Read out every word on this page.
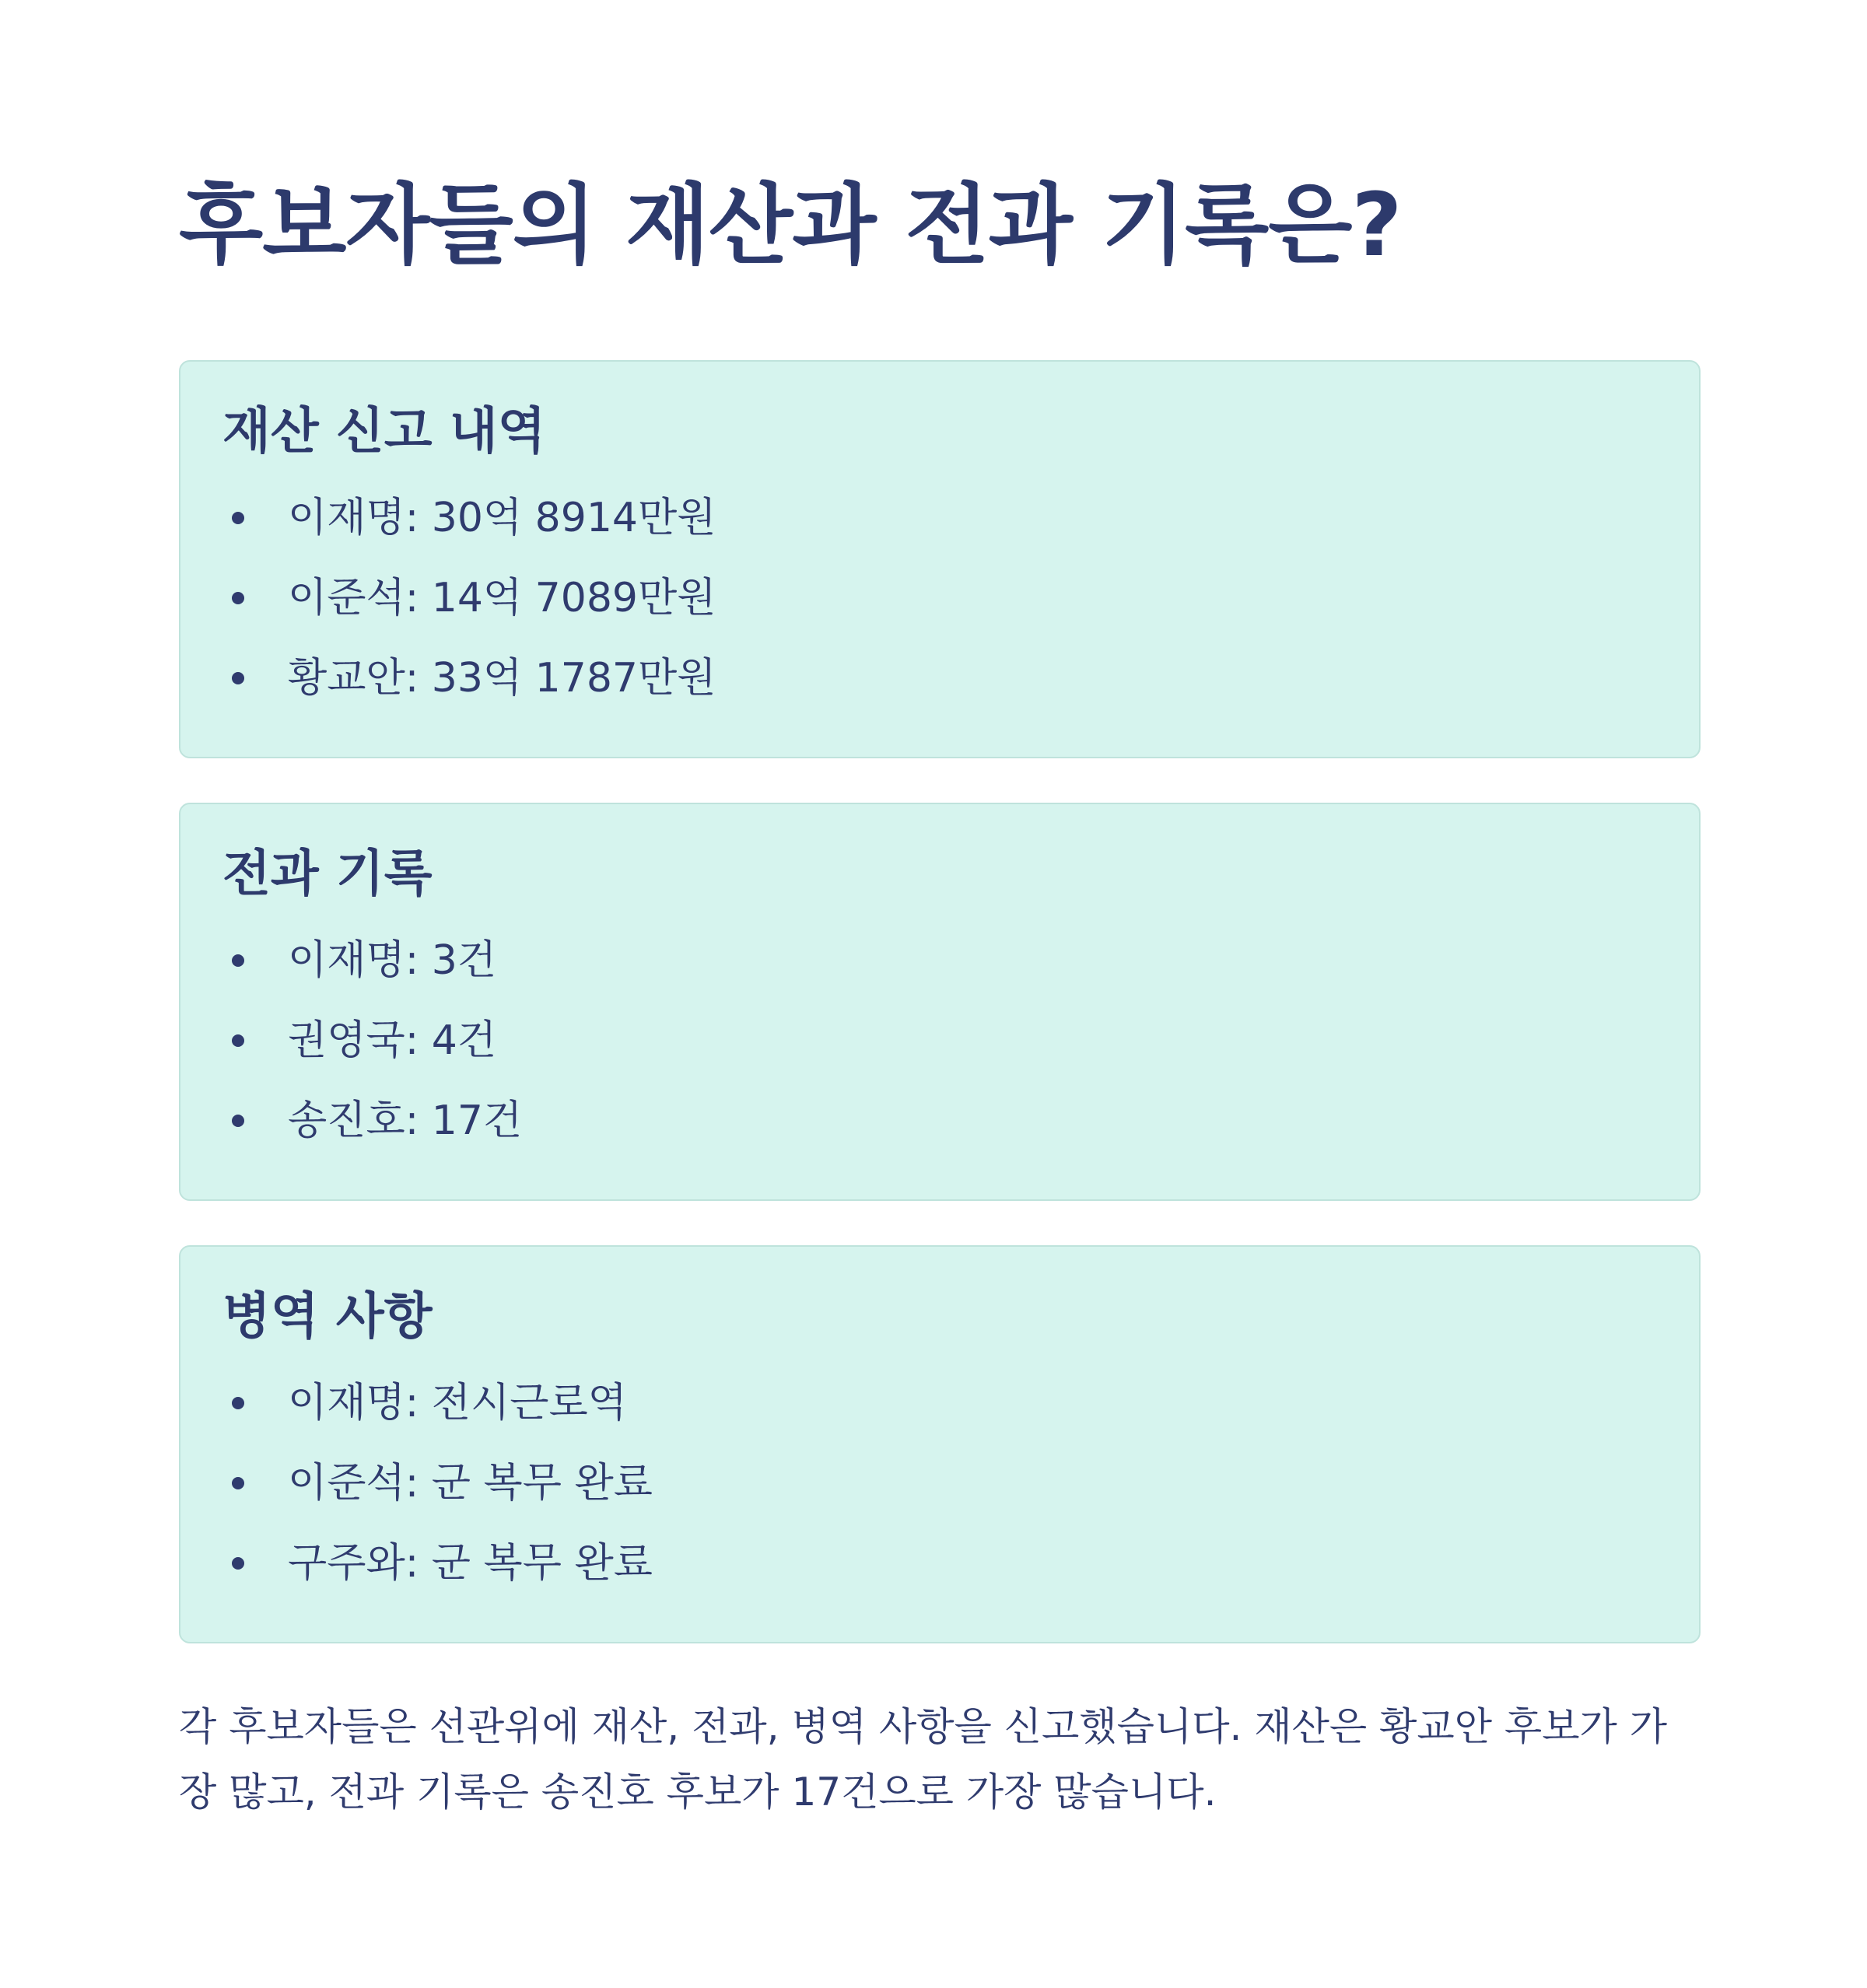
후보자들의 재산과 전과 기록은?
재산 신고 내역
이재명: 30억 8914만원
이준석: 14억 7089만원
황교안: 33억 1787만원
전과 기록
이재명: 3건
권영국: 4건
송진호: 17건
병역 사항
이재명: 전시근로역
이준석: 군 복무 완료
구주와: 군 복무 완료

각 후보자들은 선관위에 재산, 전과, 병역 사항을 신고했습니다. 재산은 황교안 후보가 가장 많고, 전과 기록은 송진호 후보가 17건으로 가장 많습니다.
